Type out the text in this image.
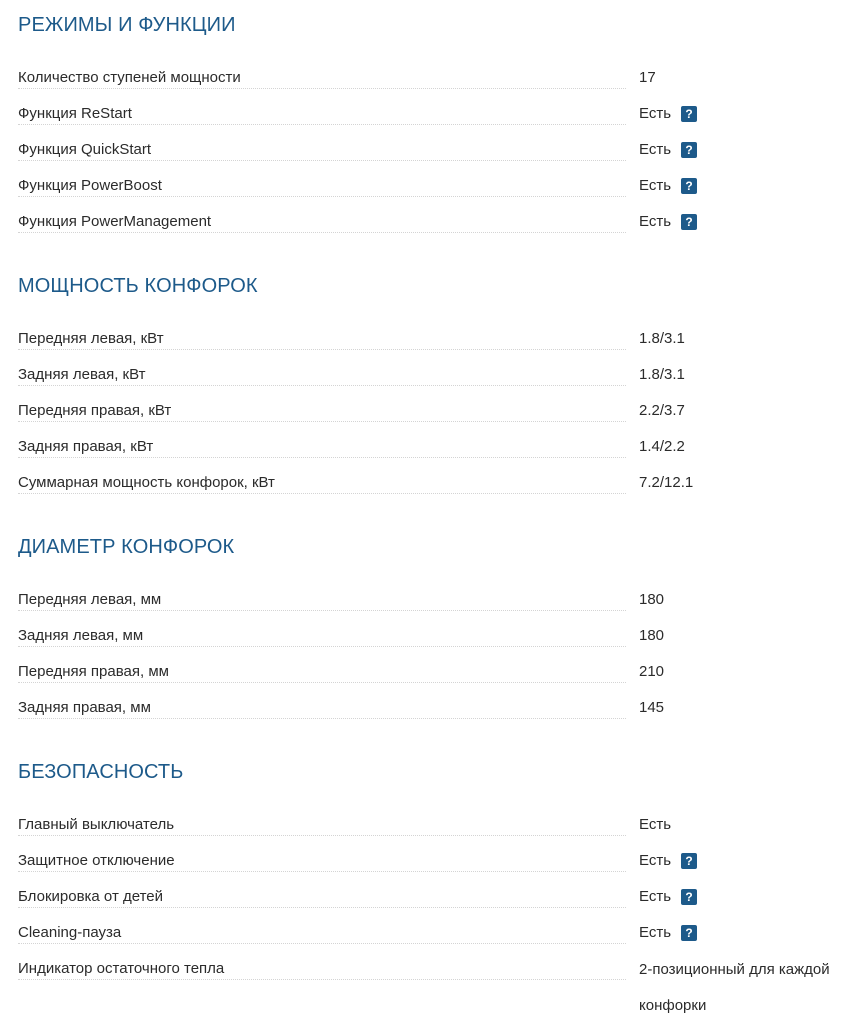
РЕЖИМЫ И ФУНКЦИИ
Количество ступеней мощности	17
Функция ReStart	Есть	?
Функция QuickStart	Есть	?
Функция PowerBoost	Есть	?
Функция PowerManagement	Есть	?
МОЩНОСТЬ КОНФОРОК
Передняя левая, кВт	1.8/3.1
Задняя левая, кВт	1.8/3.1
Передняя правая, кВт	2.2/3.7
Задняя правая, кВт	1.4/2.2
Суммарная мощность конфорок, кВт	7.2/12.1
ДИАМЕТР КОНФОРОК
Передняя левая, мм	180
Задняя левая, мм	180
Передняя правая, мм	210
Задняя правая, мм	145
БЕЗОПАСНОСТЬ
Главный выключатель	Есть
Защитное отключение	Есть	?
Блокировка от детей	Есть	?
Cleaning-пауза	Есть	?
Индикатор остаточного тепла	2-позиционный для каждой конфорки
